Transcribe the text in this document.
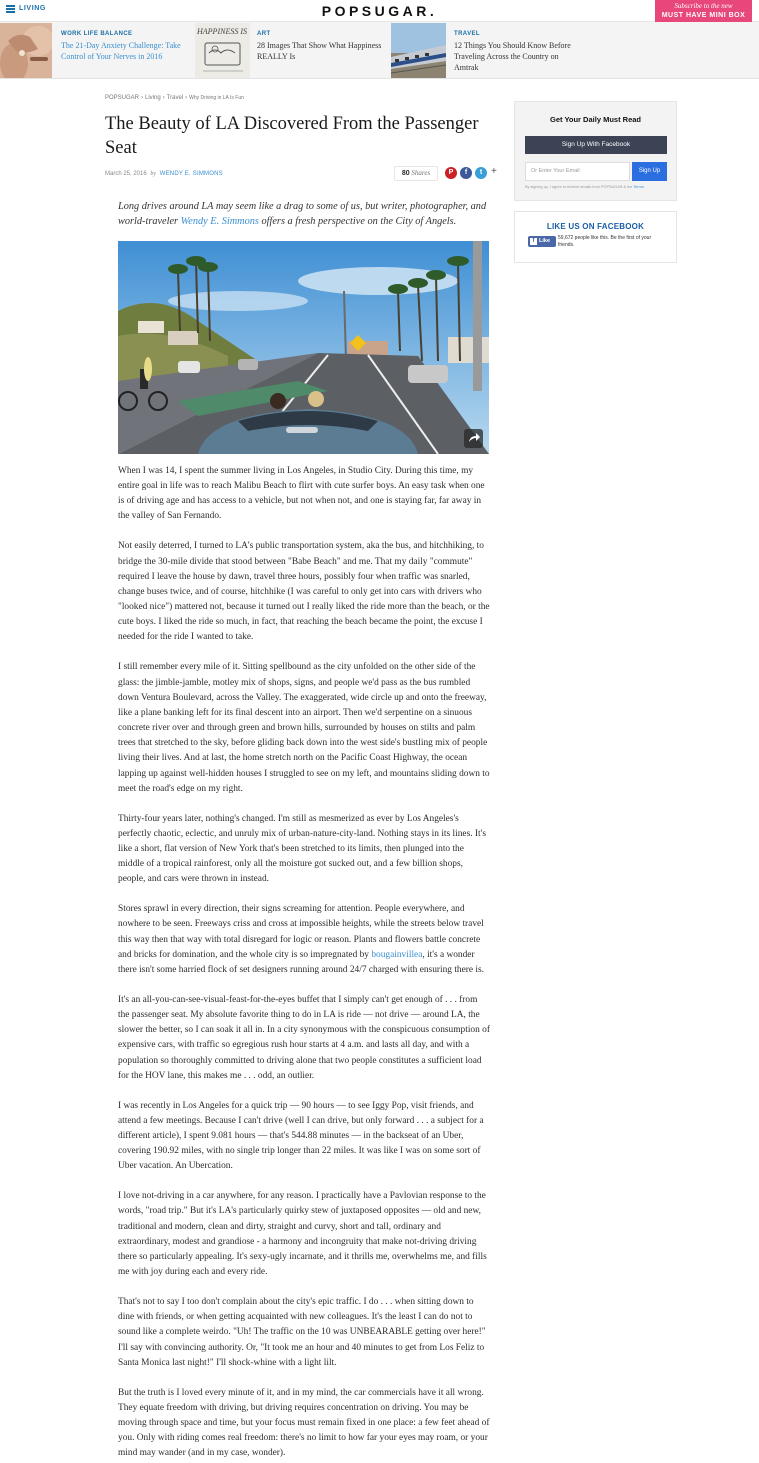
LIVING	POPSUGAR.	Subscribe to the new
MUST HAVE MINI BOX
WORK LIFE BALANCE
The 21-Day Anxiety Challenge: Take Control of Your Nerves in 2016
HAPPINESS IS ART
28 Images That Show What Happiness REALLY Is
TRAVEL
12 Things You Should Know Before Traveling Across the Country on Amtrak
POPSUGAR › Living › Travel › Why Driving in LA Is Fun
The Beauty of LA Discovered From the Passenger Seat
March 25, 2016 by WENDY E. SIMMONS	80 Shares	P	f	t +
Long drives around LA may seem like a drag to some of us, but writer, photographer, and world-traveler Wendy E. Simmons offers a fresh perspective on the City of Angels.

When I was 14, I spent the summer living in Los Angeles, in Studio City. During this time, my entire goal in life was to reach Malibu Beach to flirt with cute surfer boys. An easy task when one is of driving age and has access to a vehicle, but not when not, and one is staying far, far away in the valley of San Fernando.

Not easily deterred, I turned to LA's public transportation system, aka the bus, and hitchhiking, to bridge the 30-mile divide that stood between "Babe Beach" and me. That my daily "commute" required I leave the house by dawn, travel three hours, possibly four when traffic was snarled, change buses twice, and of course, hitchhike (I was careful to only get into cars with drivers who "looked nice") mattered not, because it turned out I really liked the ride more than the beach, or the cute boys. I liked the ride so much, in fact, that reaching the beach became the point, the excuse I needed for the ride I wanted to take.

I still remember every mile of it. Sitting spellbound as the city unfolded on the other side of the glass: the jimble-jamble, motley mix of shops, signs, and people we'd pass as the bus rumbled down Ventura Boulevard, across the Valley. The exaggerated, wide circle up and onto the freeway, like a plane banking left for its final descent into an airport. Then we'd serpentine on a sinuous concrete river over and through green and brown hills, surrounded by houses on stilts and palm trees that stretched to the sky, before gliding back down into the west side's bustling mix of people living their lives. And at last, the home stretch north on the Pacific Coast Highway, the ocean lapping up against well-hidden houses I struggled to see on my left, and mountains sliding down to meet the road's edge on my right.

Thirty-four years later, nothing's changed. I'm still as mesmerized as ever by Los Angeles's perfectly chaotic, eclectic, and unruly mix of urban-nature-city-land. Nothing stays in its lines. It's like a short, flat version of New York that's been stretched to its limits, then plunged into the middle of a tropical rainforest, only all the moisture got sucked out, and a few billion shops, people, and cars were thrown in instead.

Stores sprawl in every direction, their signs screaming for attention. People everywhere, and nowhere to be seen. Freeways criss and cross at impossible heights, while the streets below travel this way then that way with total disregard for logic or reason. Plants and flowers battle concrete and bricks for domination, and the whole city is so impregnated by bougainvillea, it's a wonder there isn't some harried flock of set designers running around 24/7 charged with ensuring there is.

It's an all-you-can-see-visual-feast-for-the-eyes buffet that I simply can't get enough of . . . from the passenger seat. My absolute favorite thing to do in LA is ride — not drive — around LA, the slower the better, so I can soak it all in. In a city synonymous with the conspicuous consumption of expensive cars, with traffic so egregious rush hour starts at 4 a.m. and lasts all day, and with a population so thoroughly committed to driving alone that two people constitutes a sufficient load for the HOV lane, this makes me . . . odd, an outlier.

I was recently in Los Angeles for a quick trip — 90 hours — to see Iggy Pop, visit friends, and attend a few meetings. Because I can't drive (well I can drive, but only forward . . . a subject for a different article), I spent 9.081 hours — that's 544.88 minutes — in the backseat of an Uber, covering 190.92 miles, with no single trip longer than 22 miles. It was like I was on some sort of Uber vacation. An Ubercation.

I love not-driving in a car anywhere, for any reason. I practically have a Pavlovian response to the words, "road trip." But it's LA's particularly quirky stew of juxtaposed opposites — old and new, traditional and modern, clean and dirty, straight and curvy, short and tall, ordinary and extraordinary, modest and grandiose - a harmony and incongruity that make not-driving driving there so particularly appealing. It's sexy-ugly incarnate, and it thrills me, overwhelms me, and fills me with joy during each and every ride.

That's not to say I too don't complain about the city's epic traffic. I do . . . when sitting down to dine with friends, or when getting acquainted with new colleagues. It's the least I can do not to sound like a complete weirdo. "Uh! The traffic on the 10 was UNBEARABLE getting over here!" I'll say with convincing authority. Or, "It took me an hour and 40 minutes to get from Los Feliz to Santa Monica last night!" I'll shock-whine with a light lilt.

But the truth is I loved every minute of it, and in my mind, the car commercials have it all wrong. They equate freedom with driving, but driving requires concentration on driving. You may be moving through space and time, but your focus must remain fixed in one place: a few feet ahead of you. Only with riding comes real freedom: there's no limit to how far your eyes may roam, or your mind may wander (and in my case, wonder).

Get Your Daily Must Read
Sign Up With Facebook
Or Enter Your Email	Sign Up
By signing up, I agree to receive emails from POPSUGAR & the Terms
LIKE US ON FACEBOOK
f Like 59,672 people like this. Be the first of your friends.
